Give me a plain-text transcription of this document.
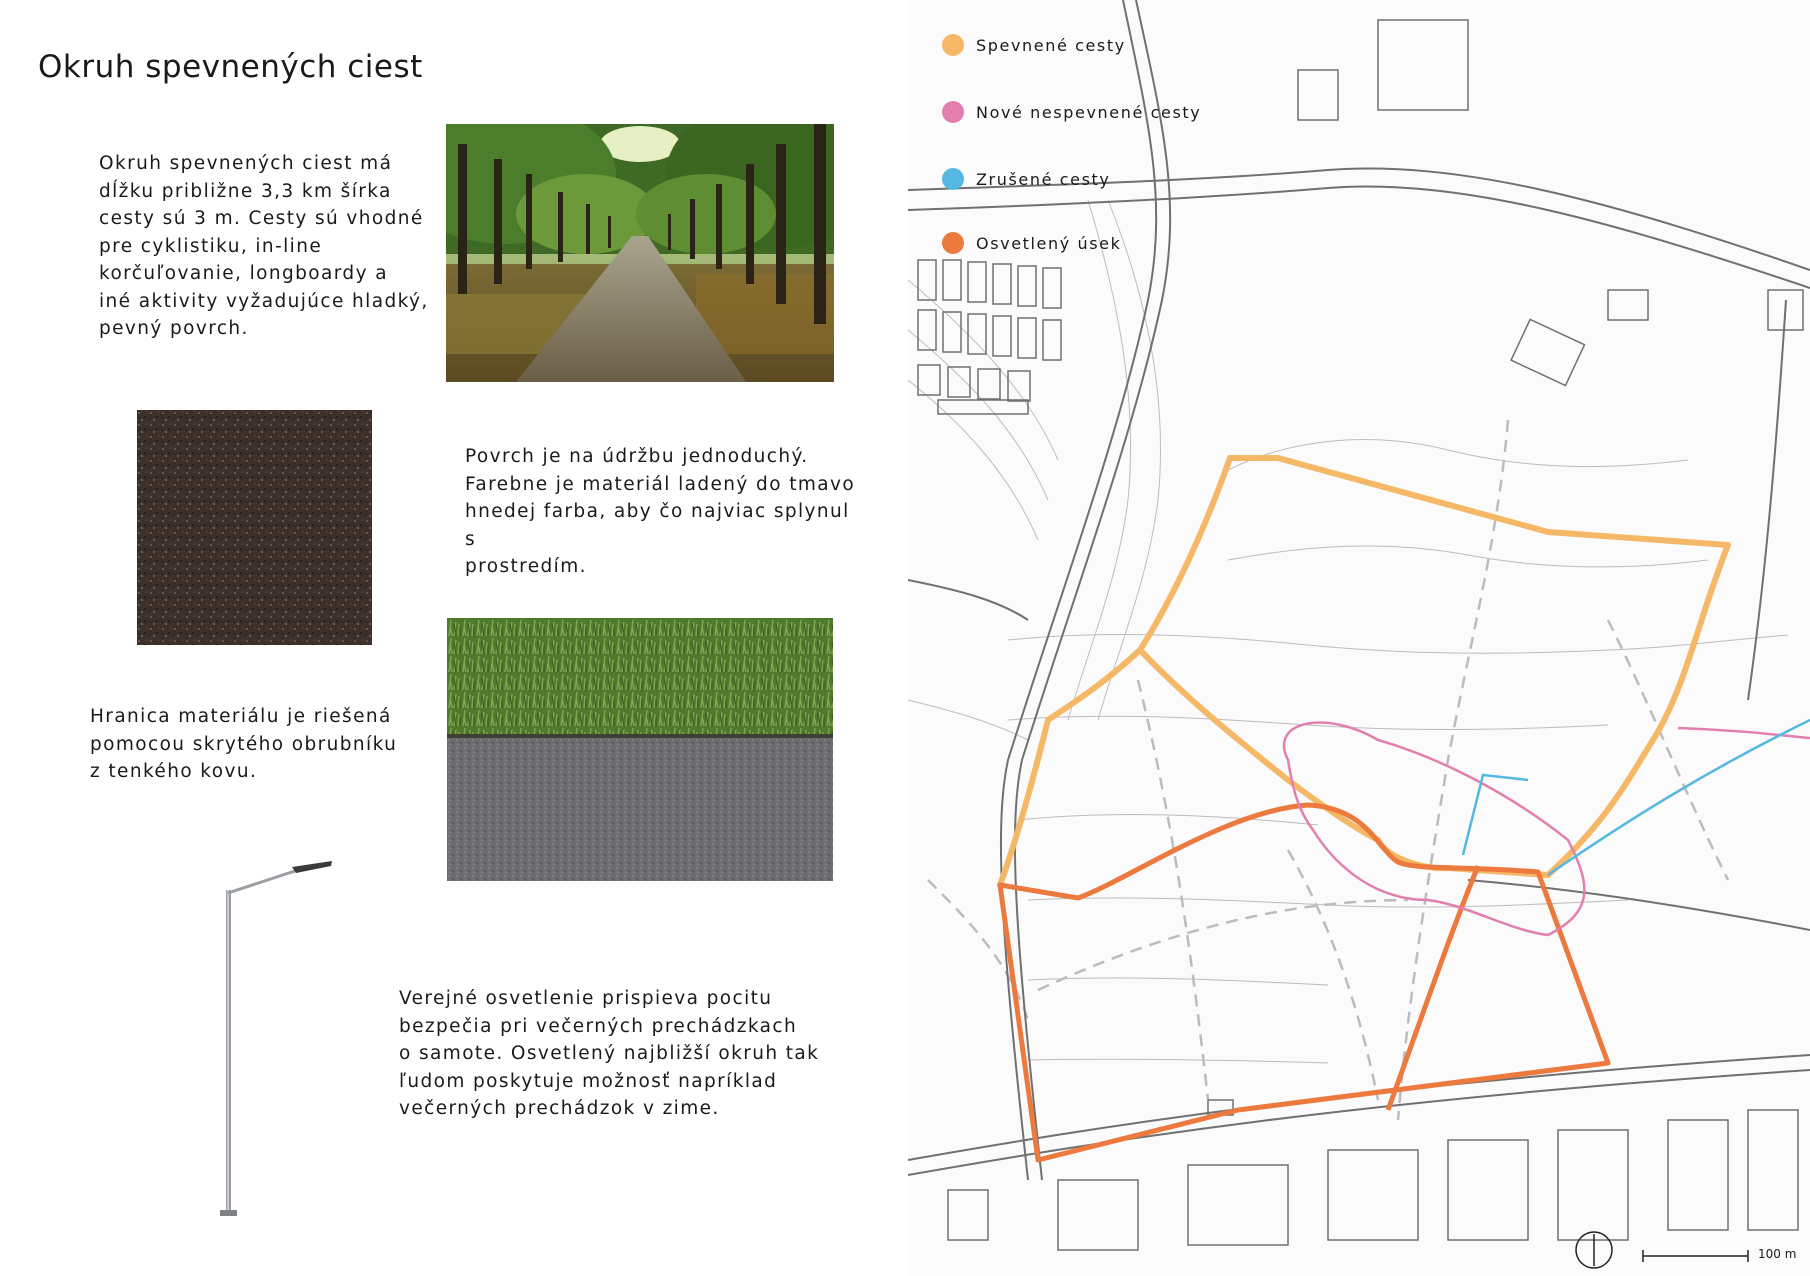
Okruh spevnených ciest
Okruh spevnených ciest má
dĺžku približne 3,3 km šírka
cesty sú 3 m. Cesty sú vhodné
pre cyklistiku, in-line
korčuľovanie, longboardy a
iné aktivity vyžadujúce hladký,
pevný povrch.
Povrch je na údržbu jednoduchý.
Farebne je materiál ladený do tmavo
hnedej farba, aby čo najviac splynul s
prostredím.
Hranica materiálu je riešená
pomocou skrytého obrubníku
z tenkého kovu.
Verejné osvetlenie prispieva pocitu
bezpečia pri večerných prechádzkach
o samote. Osvetlený najbližší okruh tak
ľudom poskytuje možnosť napríklad
večerných prechádzok v zime.
Spevnené cesty
Nové nespevnené cesty
Zrušené cesty
Osvetlený úsek
100 m
